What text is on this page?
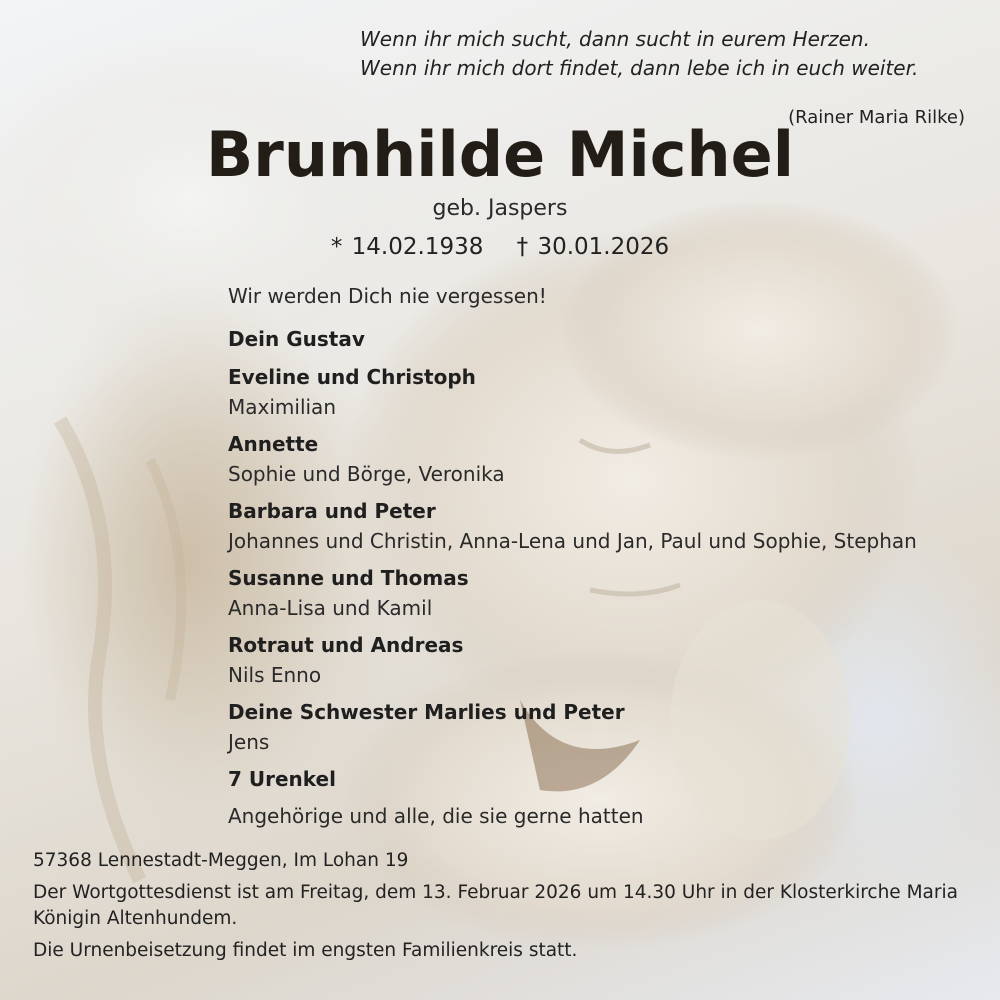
Wenn ihr mich sucht, dann sucht in eurem Herzen.
Wenn ihr mich dort findet, dann lebe ich in euch weiter.
(Rainer Maria Rilke)
Brunhilde Michel
geb. Jaspers
* 14.02.1938 † 30.01.2026
Wir werden Dich nie vergessen!
Dein Gustav
Eveline und Christoph
Maximilian
Annette
Sophie und Börge, Veronika
Barbara und Peter
Johannes und Christin, Anna-Lena und Jan, Paul und Sophie, Stephan
Susanne und Thomas
Anna-Lisa und Kamil
Rotraut und Andreas
Nils Enno
Deine Schwester Marlies und Peter
Jens
7 Urenkel
Angehörige und alle, die sie gerne hatten
57368 Lennestadt-Meggen, Im Lohan 19
Der Wortgottesdienst ist am Freitag, dem 13. Februar 2026 um 14.30 Uhr in der Klosterkirche Maria Königin Altenhundem.
Die Urnenbeisetzung findet im engsten Familienkreis statt.
